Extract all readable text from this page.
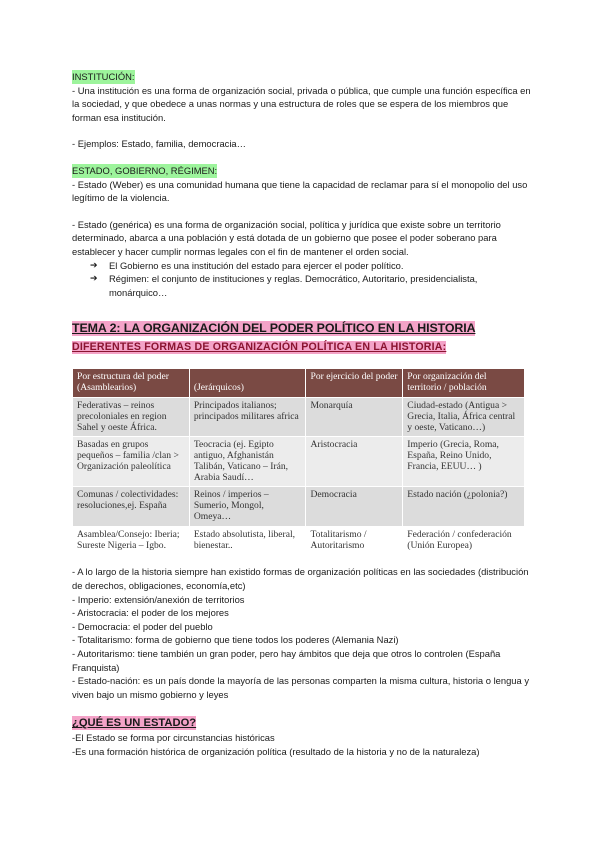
INSTITUCIÓN:

- Una institución es una forma de organización social, privada o pública, que cumple una función específica en la sociedad, y que obedece a unas normas y una estructura de roles que se espera de los miembros que forman esa institución.

- Ejemplos: Estado, familia, democracia…

ESTADO, GOBIERNO, RÉGIMEN:

- Estado (Weber) es una comunidad humana que tiene la capacidad de reclamar para sí el monopolio del uso legítimo de la violencia.

- Estado (genérica) es una forma de organización social, política y jurídica que existe sobre un territorio determinado, abarca a una población y está dotada de un gobierno que posee el poder soberano para establecer y hacer cumplir normas legales con el fin de mantener el orden social.

➔ El Gobierno es una institución del estado para ejercer el poder político.
➔ Régimen: el conjunto de instituciones y reglas. Democrático, Autoritario, presidencialista, monárquico…

TEMA 2: LA ORGANIZACIÓN DEL PODER POLÍTICO EN LA HISTORIA

DIFERENTES FORMAS DE ORGANIZACIÓN POLÍTICA EN LA HISTORIA:

Por estructura del poder (Asamblearios)	(Jerárquicos)	Por ejercicio del poder	Por organización del territorio / población
Federativas – reinos precoloniales en region Sahel y oeste África.	Principados italianos; principados militares africa	Monarquía	Ciudad-estado (Antigua > Grecia, Italia, África central y oeste, Vaticano…)
Basadas en grupos pequeños – familia /clan > Organización paleolítica	Teocracia (ej. Egipto antiguo, Afghanistán Talibán, Vaticano – Irán, Arabia Saudí…	Aristocracia	Imperio (Grecia, Roma, España, Reino Unido, Francia, EEUU… )
Comunas / colectividades: resoluciones,ej. España	Reinos / imperios – Sumerio, Mongol, Omeya…	Democracia	Estado nación (¿polonia?)
Asamblea/Consejo: Iberia; Sureste Nigeria – Igbo.	Estado absolutista, liberal, bienestar..	Totalitarismo / Autoritarismo	Federación / confederación (Unión Europea)

- A lo largo de la historia siempre han existido formas de organización políticas en las sociedades (distribución de derechos, obligaciones, economía,etc)

- Imperio: extensión/anexión de territorios

- Aristocracia: el poder de los mejores

- Democracia: el poder del pueblo

- Totalitarismo: forma de gobierno que tiene todos los poderes (Alemania Nazi)

- Autoritarismo: tiene también un gran poder, pero hay ámbitos que deja que otros lo controlen (España Franquista)

- Estado-nación: es un país donde la mayoría de las personas comparten la misma cultura, historia o lengua y viven bajo un mismo gobierno y leyes

¿QUÉ ES UN ESTADO?

-El Estado se forma por circunstancias históricas

-Es una formación histórica de organización política (resultado de la historia y no de la naturaleza)
